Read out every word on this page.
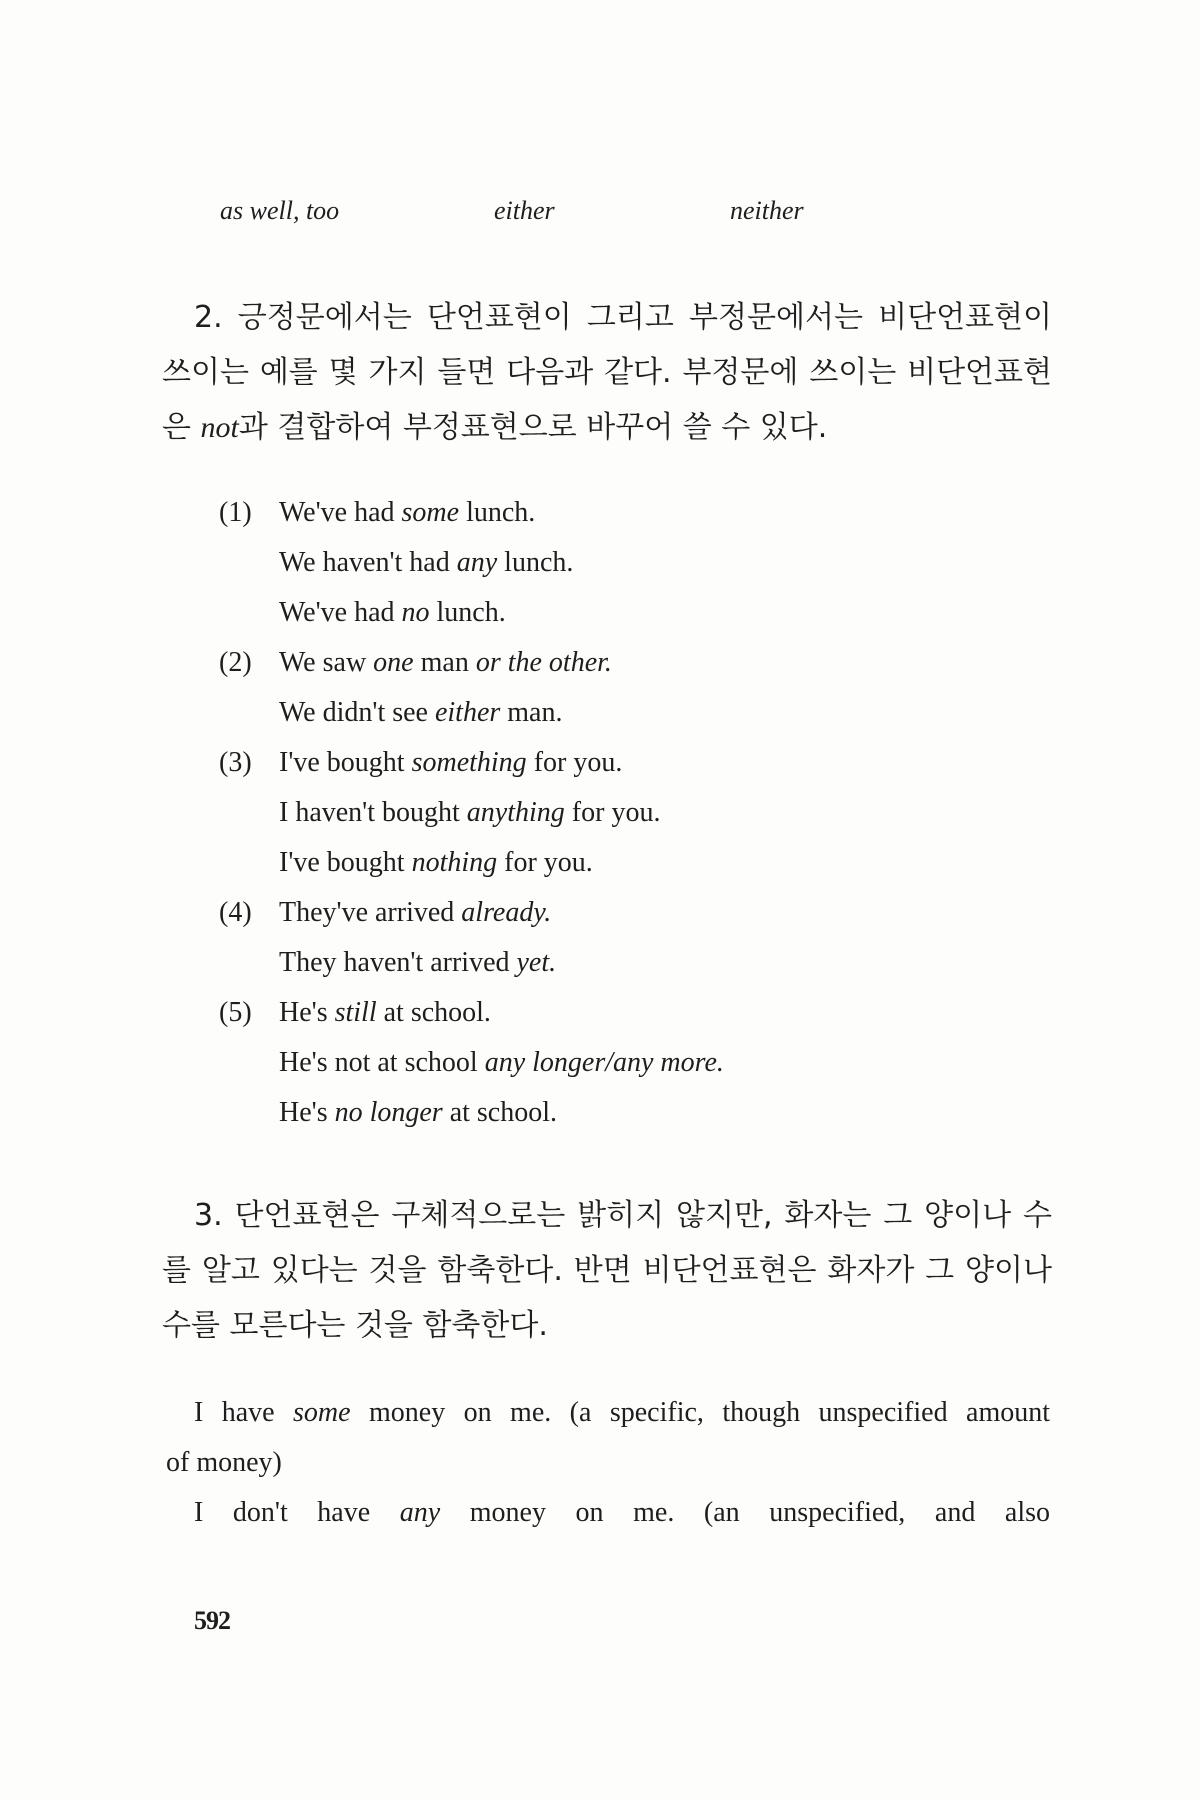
as well, too	either	neither
2. 긍정문에서는 단언표현이 그리고 부정문에서는 비단언표현이 쓰이는 예를 몇 가지 들면 다음과 같다. 부정문에 쓰이는 비단언표현은 not과 결합하여 부정표현으로 바꾸어 쓸 수 있다.
(1) We've had some lunch.
We haven't had any lunch.
We've had no lunch.
(2) We saw one man or the other.
We didn't see either man.
(3) I've bought something for you.
I haven't bought anything for you.
I've bought nothing for you.
(4) They've arrived already.
They haven't arrived yet.
(5) He's still at school.
He's not at school any longer/any more.
He's no longer at school.
3. 단언표현은 구체적으로는 밝히지 않지만, 화자는 그 양이나 수를 알고 있다는 것을 함축한다. 반면 비단언표현은 화자가 그 양이나 수를 모른다는 것을 함축한다.
I have some money on me. (a specific, though unspecified amount
of money)
I don't have any money on me. (an unspecified, and also
592
